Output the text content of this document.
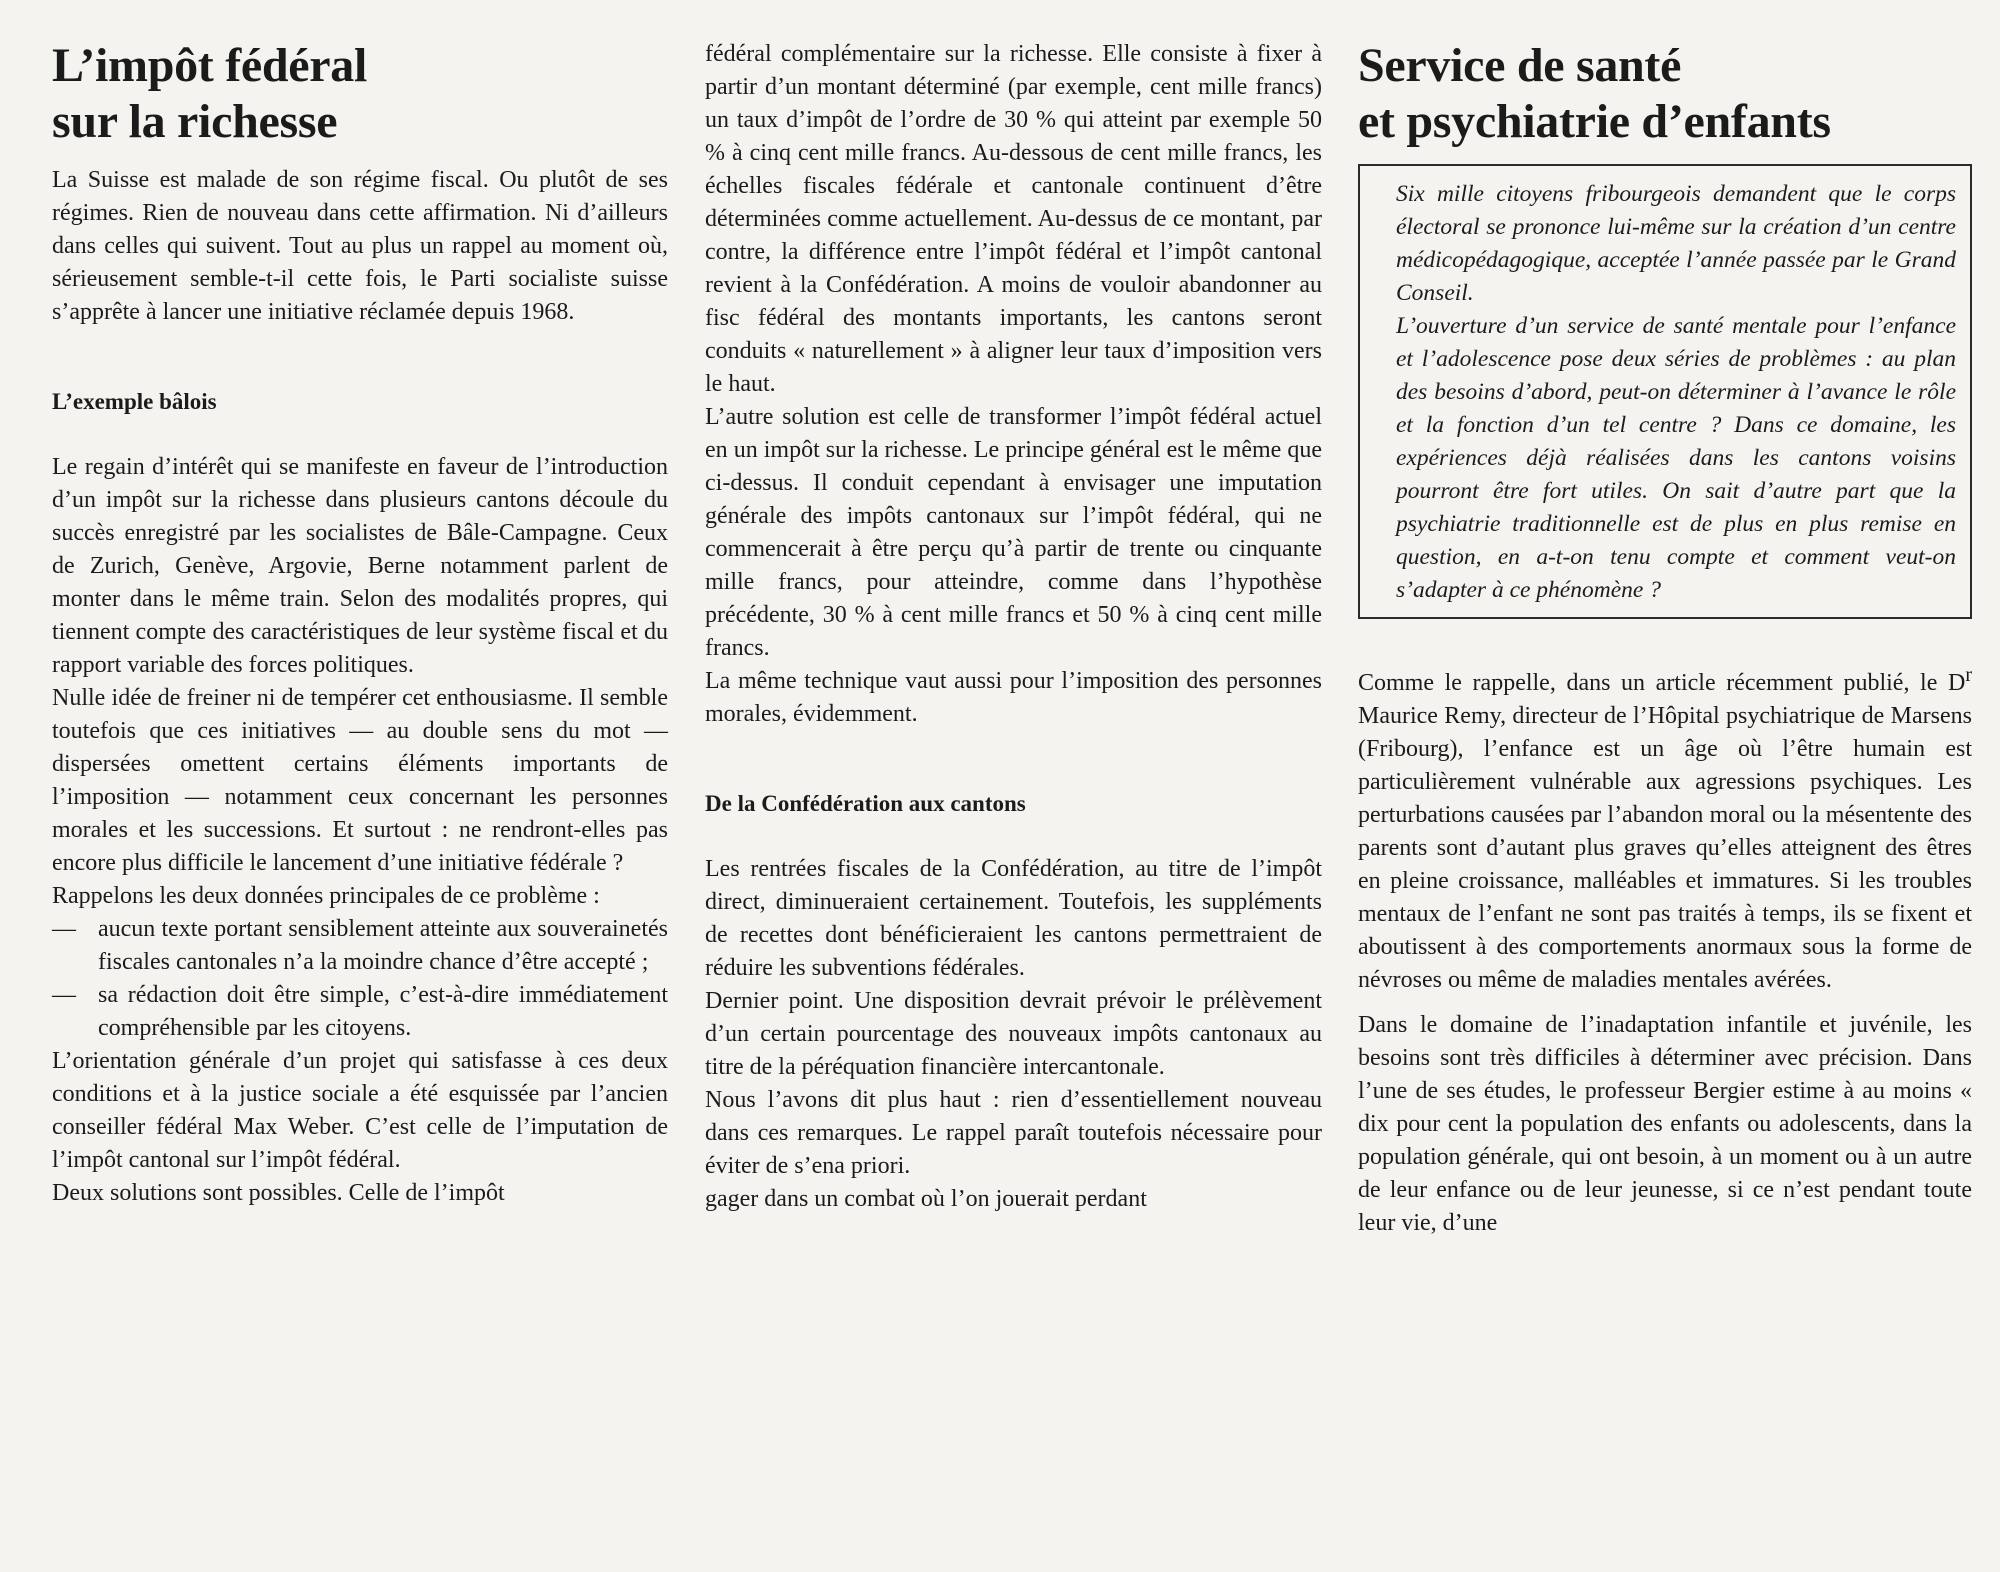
L’impôt fédéral
sur la richesse

La Suisse est malade de son régime fiscal. Ou plutôt de ses régimes. Rien de nouveau dans cette affirmation. Ni d’ailleurs dans celles qui suivent. Tout au plus un rappel au moment où, sérieusement semble-t-il cette fois, le Parti socialiste suisse s’apprête à lancer une initiative réclamée depuis 1968.

L’exemple bâlois

Le regain d’intérêt qui se manifeste en faveur de l’introduction d’un impôt sur la richesse dans plusieurs cantons découle du succès enregistré par les socialistes de Bâle-Campagne. Ceux de Zurich, Genève, Argovie, Berne notamment parlent de monter dans le même train. Selon des modalités propres, qui tiennent compte des caractéristiques de leur système fiscal et du rapport variable des forces politiques.

Nulle idée de freiner ni de tempérer cet enthousiasme. Il semble toutefois que ces initiatives — au double sens du mot — dispersées omettent certains éléments importants de l’imposition — notamment ceux concernant les personnes morales et les successions. Et surtout : ne rendront-elles pas encore plus difficile le lancement d’une initiative fédérale ?

Rappelons les deux données principales de ce problème :

— aucun texte portant sensiblement atteinte aux souverainetés fiscales cantonales n’a la moindre chance d’être accepté ;
— sa rédaction doit être simple, c’est-à-dire immédiatement compréhensible par les citoyens.

L’orientation générale d’un projet qui satisfasse à ces deux conditions et à la justice sociale a été esquissée par l’ancien conseiller fédéral Max Weber. C’est celle de l’imputation de l’impôt cantonal sur l’impôt fédéral.

Deux solutions sont possibles. Celle de l’impôt

fédéral complémentaire sur la richesse. Elle consiste à fixer à partir d’un montant déterminé (par exemple, cent mille francs) un taux d’impôt de l’ordre de 30 % qui atteint par exemple 50 % à cinq cent mille francs. Au-dessous de cent mille francs, les échelles fiscales fédérale et cantonale continuent d’être déterminées comme actuellement. Au-dessus de ce montant, par contre, la différence entre l’impôt fédéral et l’impôt cantonal revient à la Confédération. A moins de vouloir abandonner au fisc fédéral des montants importants, les cantons seront conduits « naturellement » à aligner leur taux d’imposition vers le haut.

L’autre solution est celle de transformer l’impôt fédéral actuel en un impôt sur la richesse. Le principe général est le même que ci-dessus. Il conduit cependant à envisager une imputation générale des impôts cantonaux sur l’impôt fédéral, qui ne commencerait à être perçu qu’à partir de trente ou cinquante mille francs, pour atteindre, comme dans l’hypothèse précédente, 30 % à cent mille francs et 50 % à cinq cent mille francs.

La même technique vaut aussi pour l’imposition des personnes morales, évidemment.

De la Confédération aux cantons

Les rentrées fiscales de la Confédération, au titre de l’impôt direct, diminueraient certainement. Toutefois, les suppléments de recettes dont bénéficieraient les cantons permettraient de réduire les subventions fédérales.

Dernier point. Une disposition devrait prévoir le prélèvement d’un certain pourcentage des nouveaux impôts cantonaux au titre de la péréquation financière intercantonale.

Nous l’avons dit plus haut : rien d’essentiellement nouveau dans ces remarques. Le rappel paraît toutefois nécessaire pour éviter de s’ena priori.

gager dans un combat où l’on jouerait perdant

Service de santé
et psychiatrie d’enfants

Six mille citoyens fribourgeois demandent que le corps électoral se prononce lui-même sur la création d’un centre médicopédagogique, acceptée l’année passée par le Grand Conseil.

L’ouverture d’un service de santé mentale pour l’enfance et l’adolescence pose deux séries de problèmes : au plan des besoins d’abord, peut-on déterminer à l’avance le rôle et la fonction d’un tel centre ? Dans ce domaine, les expériences déjà réalisées dans les cantons voisins pourront être fort utiles. On sait d’autre part que la psychiatrie traditionnelle est de plus en plus remise en question, en a-t-on tenu compte et comment veut-on s’adapter à ce phénomène ?

Comme le rappelle, dans un article récemment publié, le $D^r$ Maurice Remy, directeur de l’Hôpital psychiatrique de Marsens (Fribourg), l’enfance est un âge où l’être humain est particulièrement vulnérable aux agressions psychiques. Les perturbations causées par l’abandon moral ou la mésentente des parents sont d’autant plus graves qu’elles atteignent des êtres en pleine croissance, malléables et immatures. Si les troubles mentaux de l’enfant ne sont pas traités à temps, ils se fixent et aboutissent à des comportements anormaux sous la forme de névroses ou même de maladies mentales avérées.

Dans le domaine de l’inadaptation infantile et juvénile, les besoins sont très difficiles à déterminer avec précision. Dans l’une de ses études, le professeur Bergier estime à au moins « dix pour cent la population des enfants ou adolescents, dans la population générale, qui ont besoin, à un moment ou à un autre de leur enfance ou de leur jeunesse, si ce n’est pendant toute leur vie, d’une
